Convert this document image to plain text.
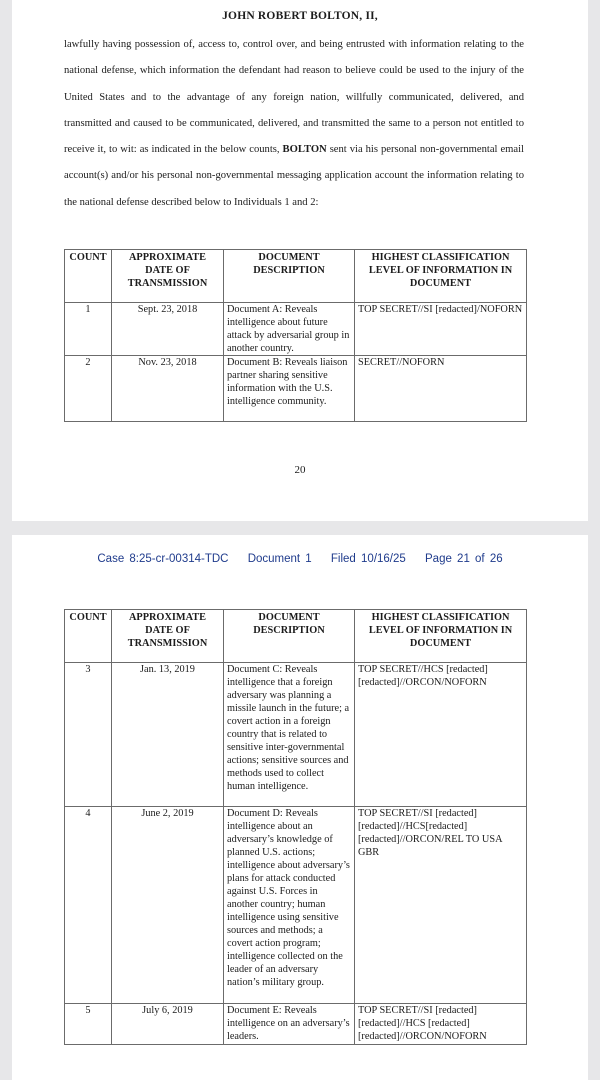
JOHN ROBERT BOLTON, II,

lawfully having possession of, access to, control over, and being entrusted with information relating to the national defense, which information the defendant had reason to believe could be used to the injury of the United States and to the advantage of any foreign nation, willfully communicated, delivered, and transmitted and caused to be communicated, delivered, and transmitted the same to a person not entitled to receive it, to wit: as indicated in the below counts, BOLTON sent via his personal non-governmental email account(s) and/or his personal non-governmental messaging application account the information relating to the national defense described below to Individuals 1 and 2:

COUNT	APPROXIMATE DATE OF TRANSMISSION	DOCUMENT DESCRIPTION	HIGHEST CLASSIFICATION LEVEL OF INFORMATION IN DOCUMENT
1	Sept. 23, 2018	Document A: Reveals intelligence about future attack by adversarial group in another country.	TOP SECRET//SI [redacted]/NOFORN
2	Nov. 23, 2018	Document B: Reveals liaison partner sharing sensitive information with the U.S. intelligence community.	SECRET//NOFORN
20
Case 8:25-cr-00314-TDC Document 1 Filed 10/16/25 Page 21 of 26
COUNT	APPROXIMATE DATE OF TRANSMISSION	DOCUMENT DESCRIPTION	HIGHEST CLASSIFICATION LEVEL OF INFORMATION IN DOCUMENT
3	Jan. 13, 2019	Document C: Reveals intelligence that a foreign adversary was planning a missile launch in the future; a covert action in a foreign country that is related to sensitive inter-governmental actions; sensitive sources and methods used to collect human intelligence.	TOP SECRET//HCS [redacted] [redacted]//ORCON/NOFORN
4	June 2, 2019	Document D: Reveals intelligence about an adversary’s knowledge of planned U.S. actions; intelligence about adversary’s plans for attack conducted against U.S. Forces in another country; human intelligence using sensitive sources and methods; a covert action program; intelligence collected on the leader of an adversary nation’s military group.	TOP SECRET//SI [redacted] [redacted]//HCS[redacted] [redacted]//ORCON/REL TO USA GBR
5	July 6, 2019	Document E: Reveals intelligence on an adversary’s leaders.	TOP SECRET//SI [redacted] [redacted]//HCS [redacted] [redacted]//ORCON/NOFORN
